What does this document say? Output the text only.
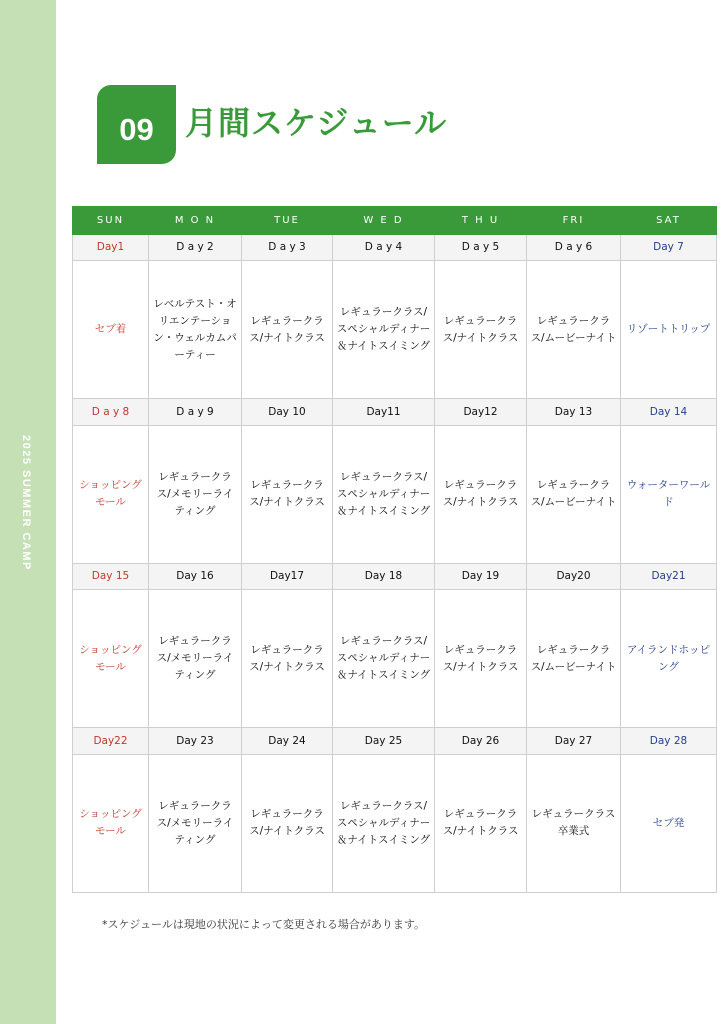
2025 SUMMER CAMP
09 月間スケジュール
SUN	M O N	TUE	W E D	T H U	FRI	SAT
Day1	D a y 2	D a y 3	D a y 4	D a y 5	D a y 6	Day 7
セブ着	レベルテスト・オリエンテーション・ウェルカムパーティー	レギュラークラス/ナイトクラス	レギュラークラス/スペシャルディナー＆ナイトスイミング	レギュラークラス/ナイトクラス	レギュラークラス/ムービーナイト	リゾートトリップ
D a y 8	D a y 9	Day 10	Day11	Day12	Day 13	Day 14
ショッピングモール	レギュラークラス/メモリーライティング	レギュラークラス/ナイトクラス	レギュラークラス/スペシャルディナー＆ナイトスイミング	レギュラークラス/ナイトクラス	レギュラークラス/ムービーナイト	ウォーターワールド
Day 15	Day 16	Day17	Day 18	Day 19	Day20	Day21
ショッピングモール	レギュラークラス/メモリーライティング	レギュラークラス/ナイトクラス	レギュラークラス/スペシャルディナー＆ナイトスイミング	レギュラークラス/ナイトクラス	レギュラークラス/ムービーナイト	アイランドホッピング
Day22	Day 23	Day 24	Day 25	Day 26	Day 27	Day 28
ショッピングモール	レギュラークラス/メモリーライティング	レギュラークラス/ナイトクラス	レギュラークラス/スペシャルディナー＆ナイトスイミング	レギュラークラス/ナイトクラス	レギュラークラス卒業式	セブ発
*スケジュールは現地の状況によって変更される場合があります。
